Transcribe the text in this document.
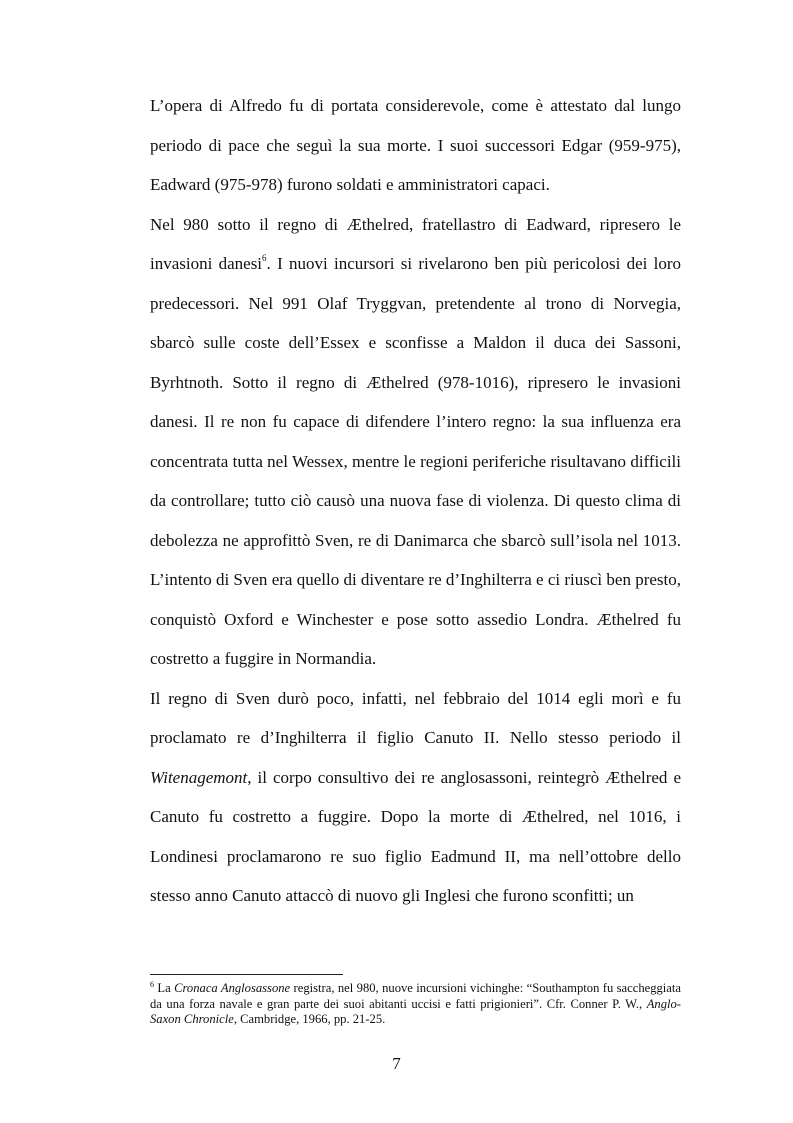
L’opera di Alfredo fu di portata considerevole, come è attestato dal lungo periodo di pace che seguì la sua morte. I suoi successori Edgar (959-975), Eadward (975-978) furono soldati e amministratori capaci.

Nel 980 sotto il regno di Æthelred, fratellastro di Eadward, ripresero le invasioni danesi$^6$. I nuovi incursori si rivelarono ben più pericolosi dei loro predecessori. Nel 991 Olaf Tryggvan, pretendente al trono di Norvegia, sbarcò sulle coste dell’Essex e sconfisse a Maldon il duca dei Sassoni, Byrhtnoth. Sotto il regno di Æthelred (978-1016), ripresero le invasioni danesi. Il re non fu capace di difendere l’intero regno: la sua influenza era concentrata tutta nel Wessex, mentre le regioni periferiche risultavano difficili da controllare; tutto ciò causò una nuova fase di violenza. Di questo clima di debolezza ne approfittò Sven, re di Danimarca che sbarcò sull’isola nel 1013. L’intento di Sven era quello di diventare re d’Inghilterra e ci riuscì ben presto, conquistò Oxford e Winchester e pose sotto assedio Londra. Æthelred fu costretto a fuggire in Normandia.

Il regno di Sven durò poco, infatti, nel febbraio del 1014 egli morì e fu proclamato re d’Inghilterra il figlio Canuto II. Nello stesso periodo il Witenagemont, il corpo consultivo dei re anglosassoni, reintegrò Æthelred e Canuto fu costretto a fuggire. Dopo la morte di Æthelred, nel 1016, i Londinesi proclamarono re suo figlio Eadmund II, ma nell’ottobre dello stesso anno Canuto attaccò di nuovo gli Inglesi che furono sconfitti; un

$^6$ La Cronaca Anglosassone registra, nel 980, nuove incursioni vichinghe: “Southampton fu saccheggiata da una forza navale e gran parte dei suoi abitanti uccisi e fatti prigionieri”. Cfr. Conner P. W., Anglo-Saxon Chronicle, Cambridge, 1966, pp. 21-25.

7
